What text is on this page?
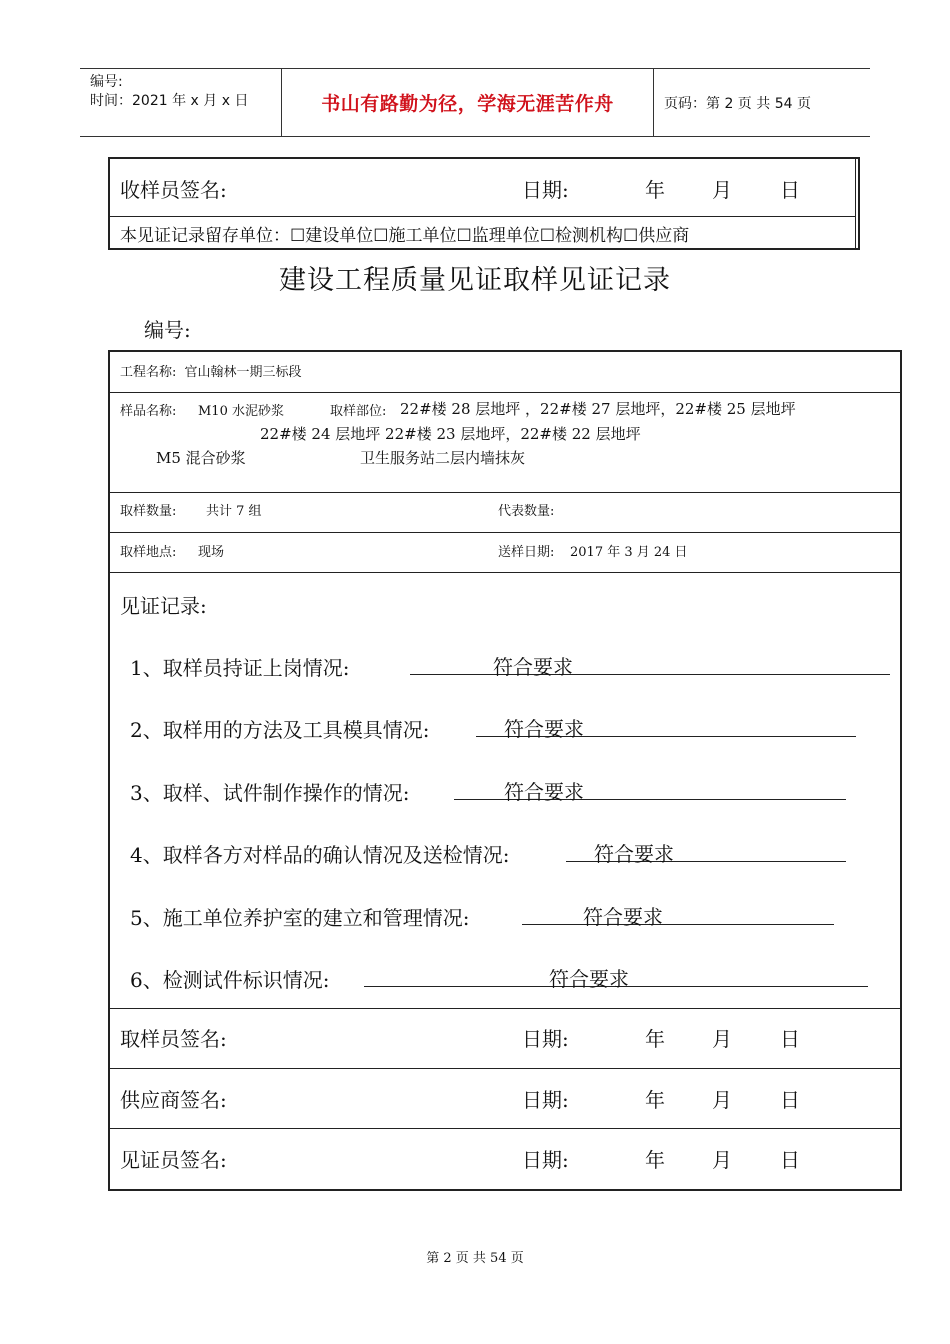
编号:
时间：2021 年 x 月 x 日	书山有路勤为径，学海无涯苦作舟	页码：第 2 页 共 54 页
收样员签名:	日期:	年 月 日
本见证记录留存单位：☐建设单位☐施工单位☐监理单位☐检测机构☐供应商
建设工程质量见证取样见证记录
编号:
工程名称: 官山翰林一期三标段
样品名称: M10 水泥砂浆	取样部位: 22#楼 28 层地坪 ，22#楼 27 层地坪，22#楼 25 层地坪
22#楼 24 层地坪 22#楼 23 层地坪，22#楼 22 层地坪
M5 混合砂浆	卫生服务站二层内墙抹灰
取样数量: 共计 7 组	代表数量:
取样地点: 现场	送样日期: 2017 年 3 月 24 日
见证记录:
1、取样员持证上岗情况:	符合要求
2、取样用的方法及工具模具情况:	符合要求
3、取样、试件制作操作的情况:	符合要求
4、取样各方对样品的确认情况及送检情况:	符合要求
5、施工单位养护室的建立和管理情况:	符合要求
6、检测试件标识情况:	符合要求
取样员签名:	日期:	年 月 日
供应商签名:	日期:	年 月 日
见证员签名:	日期:	年 月 日
第 2 页 共 54 页
